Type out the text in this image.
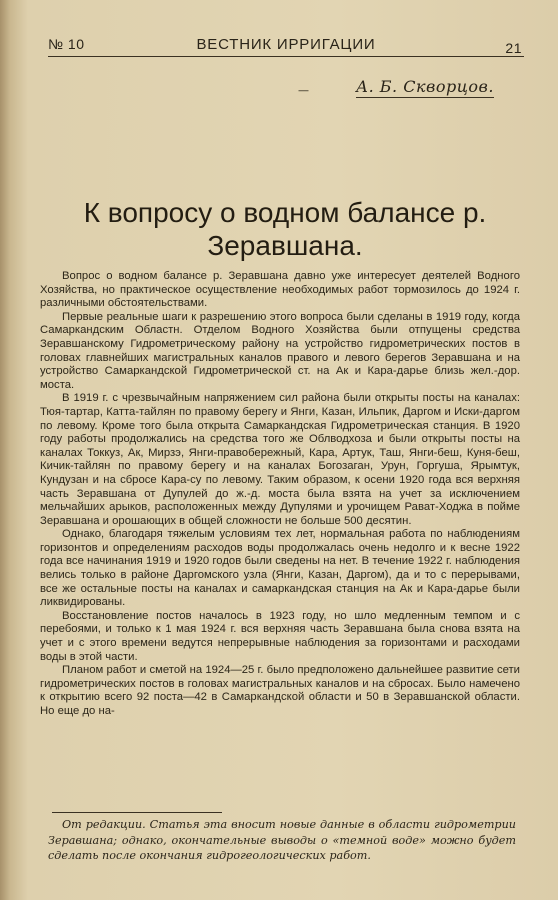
№ 10	ВЕСТНИК ИРРИГАЦИИ	21
—	А. Б. Скворцов.
К вопросу о водном балансе р. Зеравшана.

Вопрос о водном балансе р. Зеравшана давно уже интересует деятелей Водного Хозяйства, но практическое осуществление необходимых работ тормозилось до 1924 г. различными обстоятельствами.

Первые реальные шаги к разрешению этого вопроса были сделаны в 1919 году, когда Самаркандским Областн. Отделом Водного Хозяйства были отпущены средства Зеравшанскому Гидрометрическому району на устройство гидрометрических постов в головах главнейших магистральных каналов правого и левого берегов Зеравшана и на устройство Самаркандской Гидрометрической ст. на Ак и Кара-дарье близь жел.-дор. моста.

В 1919 г. с чрезвычайным напряжением сил района были открыты посты на каналах: Тюя-тартар, Катта-тайлян по правому берегу и Янги, Казан, Ильпик, Даргом и Иски-даргом по левому. Кроме того была открыта Самаркандская Гидрометрическая станция. В 1920 году работы продолжались на средства того же Облводхоза и были открыты посты на каналах Токкуз, Ак, Мирзэ, Янги-правобережный, Кара, Артук, Таш, Янги-беш, Куня-беш, Кичик-тайлян по правому берегу и на каналах Богозаган, Урун, Горгуша, Ярымтук, Кундузан и на сбросе Кара-су по левому. Таким образом, к осени 1920 года вся верхняя часть Зеравшана от Дупулей до ж.-д. моста была взята на учет за исключением мельчайших арыков, расположенных между Дупулями и урочищем Рават-Ходжа в пойме Зеравшана и орошающих в общей сложности не больше 500 десятин.

Однако, благодаря тяжелым условиям тех лет, нормальная работа по наблюдениям горизонтов и определениям расходов воды продолжалась очень недолго и к весне 1922 года все начинания 1919 и 1920 годов были сведены на нет. В течение 1922 г. наблюдения велись только в районе Даргомского узла (Янги, Казан, Даргом), да и то с перерывами, все же остальные посты на каналах и самаркандская станция на Ак и Кара-дарье были ликвидированы.

Восстановление постов началось в 1923 году, но шло медленным темпом и с перебоями, и только к 1 мая 1924 г. вся верхняя часть Зеравшана была снова взята на учет и с этого времени ведутся непрерывные наблюдения за горизонтами и расходами воды в этой части.

Планом работ и сметой на 1924—25 г. было предположено дальнейшее развитие сети гидрометрических постов в головах магистральных каналов и на сбросах. Было намечено к открытию всего 92 поста—42 в Самаркандской области и 50 в Зеравшанской области. Но еще до на-

От редакции. Статья эта вносит новые данные в области гидрометрии Зеравшана; однако, окончательные выводы о «темной воде» можно будет сделать после окончания гидрогеологических работ.
